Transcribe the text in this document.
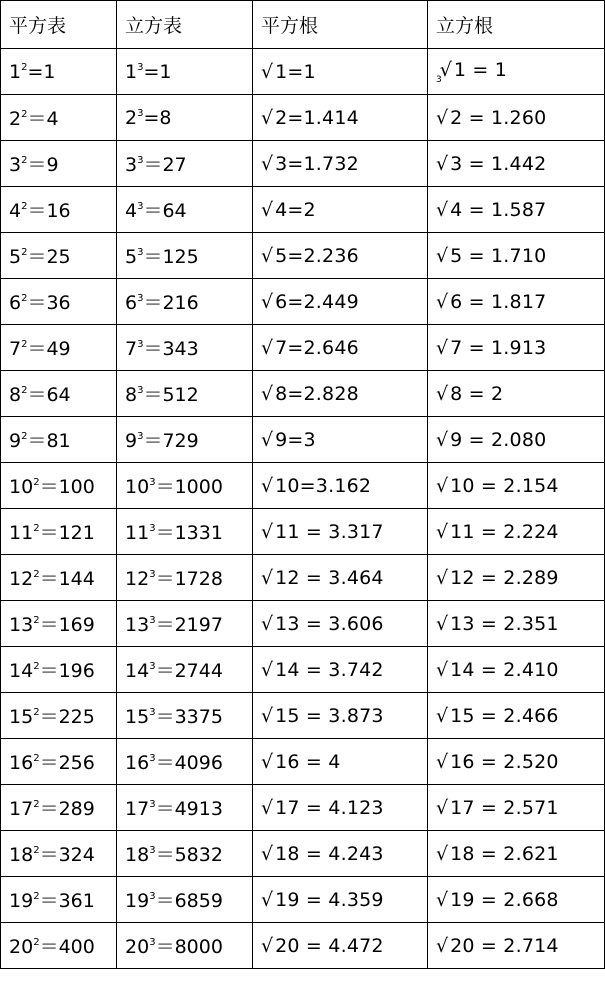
平方表	立方表	平方根	立方根
$1^2=1$	$1^3=1$	√ 1=1	$_3$√ 1 = 1
$2^2=4$	$2^3=8$	√ 2=1.414	√ 2 = 1.260
$3^2=9$	$3^3=27$	√ 3=1.732	√ 3 = 1.442
$4^2=16$	$4^3=64$	√ 4=2	√ 4 = 1.587
$5^2=25$	$5^3=125$	√ 5=2.236	√ 5 = 1.710
$6^2=36$	$6^3=216$	√ 6=2.449	√ 6 = 1.817
$7^2=49$	$7^3=343$	√ 7=2.646	√ 7 = 1.913
$8^2=64$	$8^3=512$	√ 8=2.828	√ 8 = 2
$9^2=81$	$9^3=729$	√ 9=3	√ 9 = 2.080
$10^2=100$	$10^3=1000$	√ 10=3.162	√ 10 = 2.154
$11^2=121$	$11^3=1331$	√ 11 = 3.317	√ 11 = 2.224
$12^2=144$	$12^3=1728$	√ 12 = 3.464	√ 12 = 2.289
$13^2=169$	$13^3=2197$	√ 13 = 3.606	√ 13 = 2.351
$14^2=196$	$14^3=2744$	√ 14 = 3.742	√ 14 = 2.410
$15^2=225$	$15^3=3375$	√ 15 = 3.873	√ 15 = 2.466
$16^2=256$	$16^3=4096$	√ 16 = 4	√ 16 = 2.520
$17^2=289$	$17^3=4913$	√ 17 = 4.123	√ 17 = 2.571
$18^2=324$	$18^3=5832$	√ 18 = 4.243	√ 18 = 2.621
$19^2=361$	$19^3=6859$	√ 19 = 4.359	√ 19 = 2.668
$20^2=400$	$20^3=8000$	√ 20 = 4.472	√ 20 = 2.714
